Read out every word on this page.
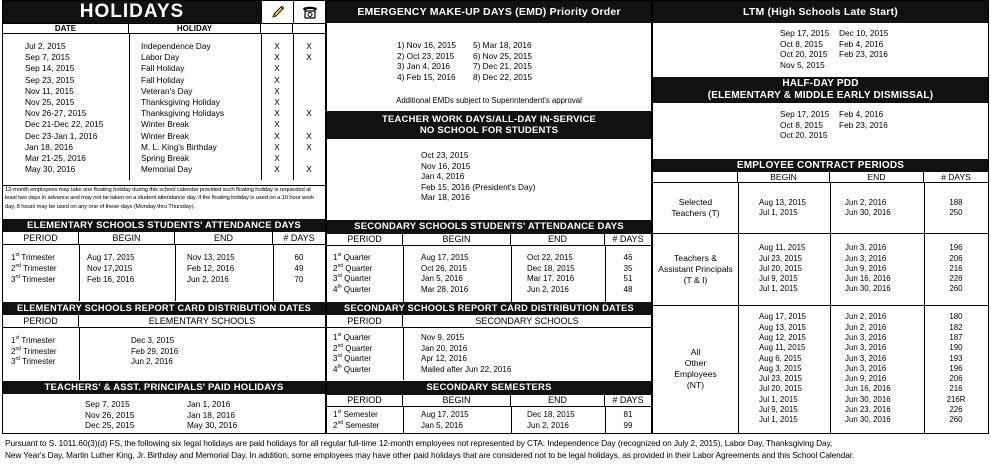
HOLIDAYS
DATE	HOLIDAY
Jul 2, 2015	Independence Day	X	X
Sep 7, 2015	Labor Day	X	X
Sep 14, 2015	Fall Holiday	X
Sep 23, 2015	Fall Holiday	X
Nov 11, 2015	Veteran's Day	X
Nov 25, 2015	Thanksgiving Holiday	X
Nov 26-27, 2015	Thanksgiving Holidays	X	X
Dec 21-Dec 22, 2015	Winter Break	X
Dec 23-Jan 1, 2016	Winter Break	X	X
Jan 18, 2016	M. L. King's Birthday	X	X
Mar 21-25, 2016	Spring Break	X
May 30, 2016	Memorial Day	X	X
12-month employees may take one floating holiday during this school calendar provided such floating holiday is requested at least two days in advance and may not be taken on a student attendance day. If the floating holiday is used on a 10 hour work day, 8 hours may be used on any one of these days (Monday thru Thursday).
ELEMENTARY SCHOOLS STUDENTS' ATTENDANCE DAYS
PERIOD	BEGIN	END	# DAYS
1st Trimester	Aug 17, 2015	Nov 13, 2015	60
2nd Trimester	Nov 17,2015	Feb 12, 2016	49
3rd Trimester	Feb 16, 2016	Jun 2, 2016	70
ELEMENTARY SCHOOLS REPORT CARD DISTRIBUTION DATES
PERIOD	ELEMENTARY SCHOOLS
1st Trimester	Dec 3, 2015
2nd Trimester	Feb 29, 2016
3rd Trimester	Jun 2, 2016
TEACHERS' & ASST. PRINCIPALS' PAID HOLIDAYS
Sep 7, 2015
Nov 26, 2015
Dec 25, 2015
Jan 1, 2016
Jan 18, 2016
May 30, 2016
EMERGENCY MAKE-UP DAYS (EMD) Priority Order
1) Nov 16, 2015
2) Oct 23, 2015
3) Jan 4, 2016
4) Feb 15, 2016
5) Mar 18, 2016
6) Nov 25, 2015
7) Dec 21, 2015
8) Dec 22, 2015
Additional EMDs subject to Superintendent's approval
TEACHER WORK DAYS/ALL-DAY IN-SERVICE
NO SCHOOL FOR STUDENTS
Oct 23, 2015
Nov 16, 2015
Jan 4, 2016
Feb 15, 2016 (President's Day)
Mar 18, 2016
SECONDARY SCHOOLS STUDENTS' ATTENDANCE DAYS
PERIOD	BEGIN	END	# DAYS
1st Quarter	Aug 17, 2015	Oct 22, 2015	46
2nd Quarter	Oct 26, 2015	Dec 18, 2015	35
3rd Quarter	Jan 5, 2016	Mar 17, 2016	51
4th Quarter	Mar 28, 2016	Jun 2, 2016	48
SECONDARY SCHOOLS REPORT CARD DISTRIBUTION DATES
PERIOD	SECONDARY SCHOOLS
1st Quarter	Nov 9, 2015
2nd Quarter	Jan 20, 2016
3rd Quarter	Apr 12, 2016
4th Quarter	Mailed after Jun 22, 2016
SECONDARY SEMESTERS
PERIOD	BEGIN	END	# DAYS
1st Semester	Aug 17, 2015	Dec 18, 2015	81
2nd Semester	Jan 5, 2016	Jun 2, 2016	99
LTM (High Schools Late Start)
Sep 17, 2015
Oct 8, 2015
Oct 20, 2015
Nov 5, 2015
Dec 10, 2015
Feb 4, 2016
Feb 23, 2016
HALF-DAY PDD
(ELEMENTARY & MIDDLE EARLY DISMISSAL)
Sep 17, 2015
Oct 8, 2015
Oct 20, 2015
Feb 4, 2016
Feb 23, 2016
EMPLOYEE CONTRACT PERIODS
BEGIN	END	# DAYS
Selected
Teachers (T)
Aug 13, 2015	Jun 2, 2016	188
Jul 1, 2015	Jun 30, 2016	250
Teachers &
Assistant Principals
(T & I)
Aug 11, 2015	Jun 3, 2016	196
Jul 23, 2015	Jun 3, 2016	206
Jul 20, 2015	Jun 9, 2016	216
Jul 9, 2015	Jun 16, 2016	226
Jul 1, 2015	Jun 30, 2016	260
All
Other
Employees
(NT)
Aug 17, 2015	Jun 2, 2016	180
Aug 13, 2015	Jun 2, 2016	182
Aug 12, 2015	Jun 3, 2016	187
Aug 11, 2015	Jun 3, 2016	190
Aug 6, 2015	Jun 3, 2016	193
Aug 3, 2015	Jun 3, 2016	196
Jul 23, 2015	Jun 9, 2016	206
Jul 20, 2015	Jun 16, 2016	216
Jul 1, 2015	Jun 30, 2016	216R
Jul 9, 2015	Jun 23, 2016	226
Jul 1, 2015	Jun 30, 2016	260
Pursuant to S. 1011.60(3)(d) FS, the following six legal holidays are paid holidays for all regular full-time 12-month employees not represented by CTA: Independence Day (recognized on July 2, 2015), Labor Day, Thanksgiving Day,
New Year's Day, Martin Luther King, Jr. Birthday and Memorial Day. In addition, some employees may have other paid holidays that are considered not to be legal holidays, as provided in their Labor Agreements and this School Calendar.
